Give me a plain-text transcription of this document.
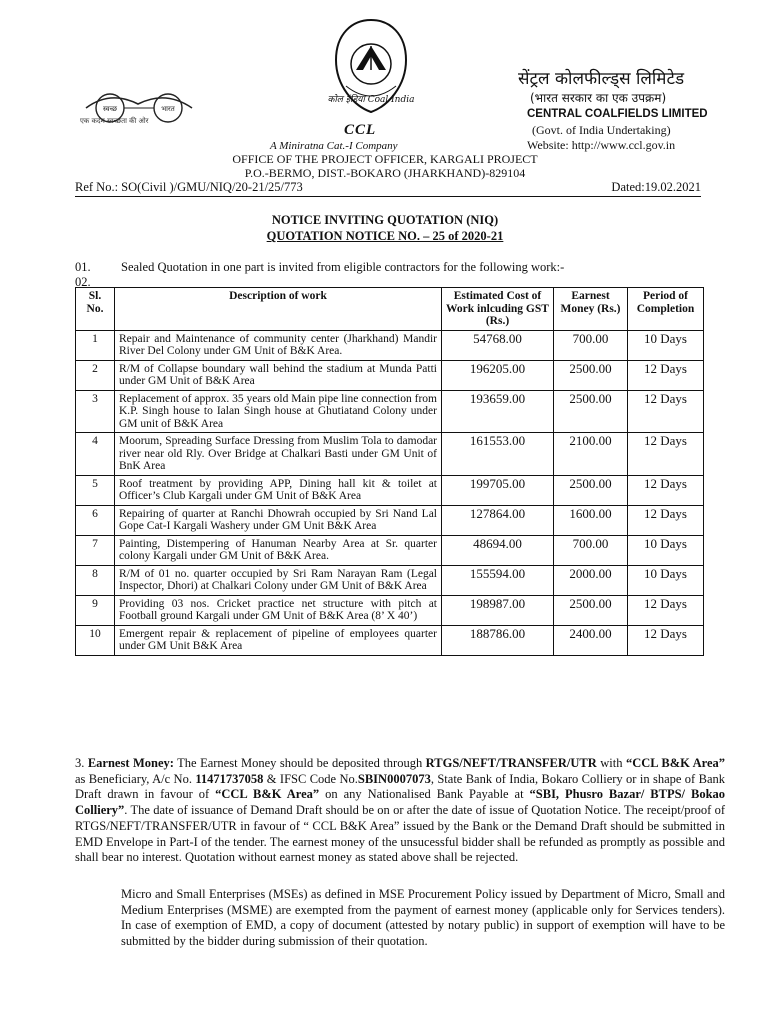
स्वच्छ	भारत
एक कदम स्वच्छता की ओर
कोल इंडिया Coal India
CCL
A Miniratna Cat.-I Company
सेंट्रल कोलफील्ड्स लिमिटेड
(भारत सरकार का एक उपक्रम)
CENTRAL COALFIELDS LIMITED
(Govt. of India Undertaking)
Website: http://www.ccl.gov.in
OFFICE OF THE PROJECT OFFICER, KARGALI PROJECT
P.O.-BERMO, DIST.-BOKARO (JHARKHAND)-829104
Ref No.: SO(Civil )/GMU/NIQ/20-21/25/773	Dated:19.02.2021
NOTICE INVITING QUOTATION (NIQ)
QUOTATION NOTICE NO. – 25 of 2020-21
01.
02.
Sealed Quotation in one part is invited from eligible contractors for the following work:-
Sl. No.	Description of work	Estimated Cost of Work inlcuding GST (Rs.)	Earnest Money (Rs.)	Period of Completion
1	Repair and Maintenance of community center (Jharkhand) Mandir River Del Colony under GM Unit of B&K Area.	54768.00	700.00	10 Days
2	R/M of Collapse boundary wall behind the stadium at Munda Patti under GM Unit of B&K Area	196205.00	2500.00	12 Days
3	Replacement of approx. 35 years old Main pipe line connection from K.P. Singh house to Ialan Singh house at Ghutiatand Colony under GM unit of B&K Area	193659.00	2500.00	12 Days
4	Moorum, Spreading Surface Dressing from Muslim Tola to damodar river near old Rly. Over Bridge at Chalkari Basti under GM Unit of BnK Area	161553.00	2100.00	12 Days
5	Roof treatment by providing APP, Dining hall kit & toilet at Officer’s Club Kargali under GM Unit of B&K Area	199705.00	2500.00	12 Days
6	Repairing of quarter at Ranchi Dhowrah occupied by Sri Nand Lal Gope Cat-I Kargali Washery under GM Unit B&K Area	127864.00	1600.00	12 Days
7	Painting, Distempering of Hanuman Nearby Area at Sr. quarter colony Kargali under GM Unit of B&K Area.	48694.00	700.00	10 Days
8	R/M of 01 no. quarter occupied by Sri Ram Narayan Ram (Legal Inspector, Dhori) at Chalkari Colony under GM Unit of B&K Area	155594.00	2000.00	10 Days
9	Providing 03 nos. Cricket practice net structure with pitch at Football ground Kargali under GM Unit of B&K Area (8’ X 40’)	198987.00	2500.00	12 Days
10	Emergent repair & replacement of pipeline of employees quarter under GM Unit B&K Area	188786.00	2400.00	12 Days
3. Earnest Money: The Earnest Money should be deposited through RTGS/NEFT/TRANSFER/UTR with “CCL B&K Area” as Beneficiary, A/c No. 11471737058 & IFSC Code No.SBIN0007073, State Bank of India, Bokaro Colliery or in shape of Bank Draft drawn in favour of “CCL B&K Area” on any Nationalised Bank Payable at “SBI, Phusro Bazar/ BTPS/ Bokao Colliery”. The date of issuance of Demand Draft should be on or after the date of issue of Quotation Notice. The receipt/proof of RTGS/NEFT/TRANSFER/UTR in favour of “ CCL B&K Area” issued by the Bank or the Demand Draft should be submitted in EMD Envelope in Part-I of the tender. The earnest money of the unsucessful bidder shall be refunded as promptly as possible and shall bear no interest. Quotation without earnest money as stated above shall be rejected.
Micro and Small Enterprises (MSEs) as defined in MSE Procurement Policy issued by Department of Micro, Small and Medium Enterprises (MSME) are exempted from the payment of earnest money (applicable only for Services tenders). In case of exemption of EMD, a copy of document (attested by notary public) in support of exemption will have to be submitted by the bidder during submission of their quotation.
